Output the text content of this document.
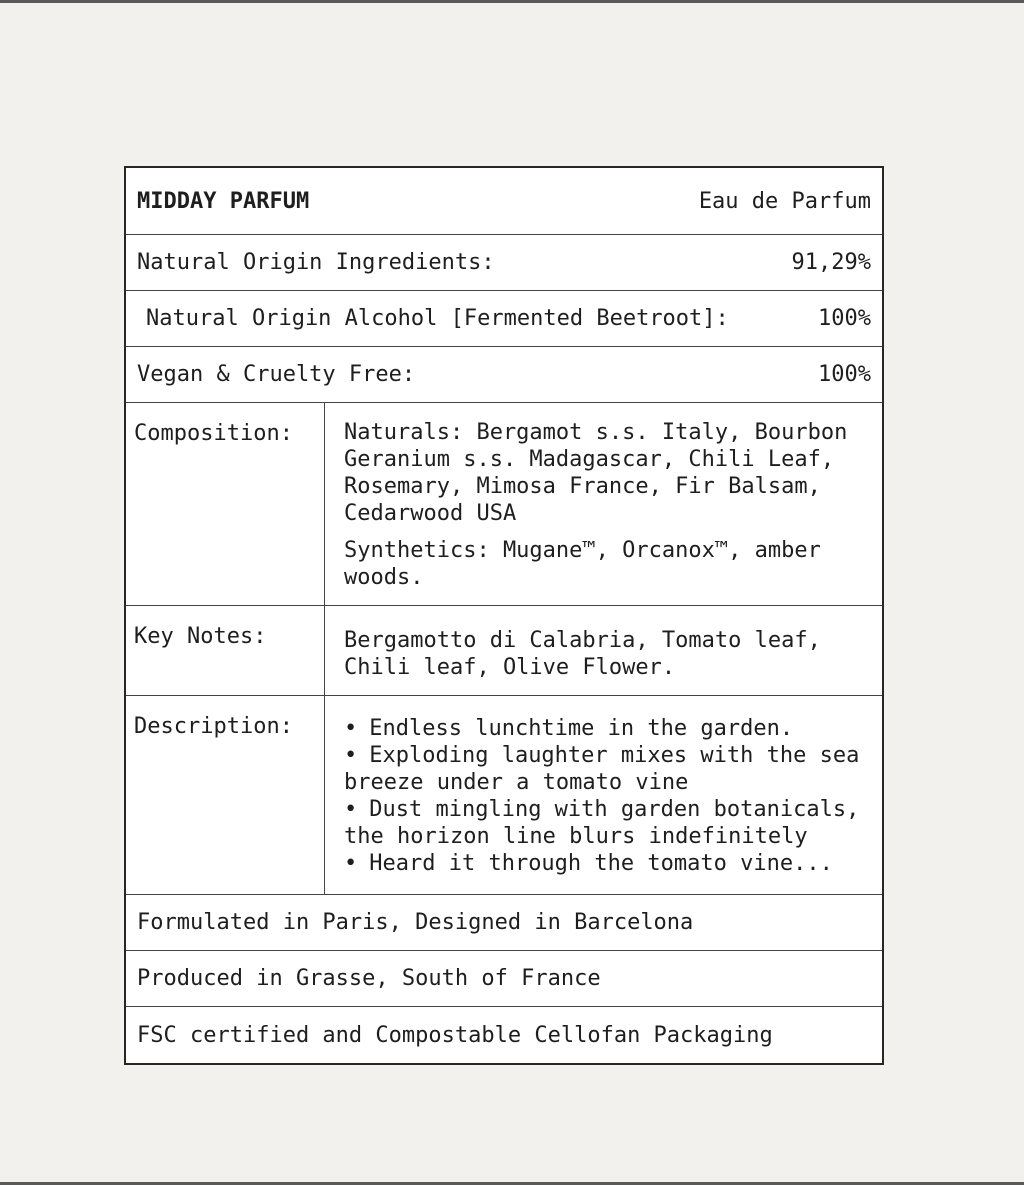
MIDDAY PARFUM	Eau de Parfum
Natural Origin Ingredients:	91,29%
Natural Origin Alcohol [Fermented Beetroot]:	100%
Vegan & Cruelty Free:	100%
Composition:	Naturals: Bergamot s.s. Italy, Bourbon Geranium s.s. Madagascar, Chili Leaf, Rosemary, Mimosa France, Fir Balsam, Cedarwood USA
Synthetics: Mugane™, Orcanox™, amber woods.
Key Notes:	Bergamotto di Calabria, Tomato leaf, Chili leaf, Olive Flower.
Description:	• Endless lunchtime in the garden.
• Exploding laughter mixes with the sea breeze under a tomato vine
• Dust mingling with garden botanicals, the horizon line blurs indefinitely
• Heard it through the tomato vine...
Formulated in Paris, Designed in Barcelona
Produced in Grasse, South of France
FSC certified and Compostable Cellofan Packaging
